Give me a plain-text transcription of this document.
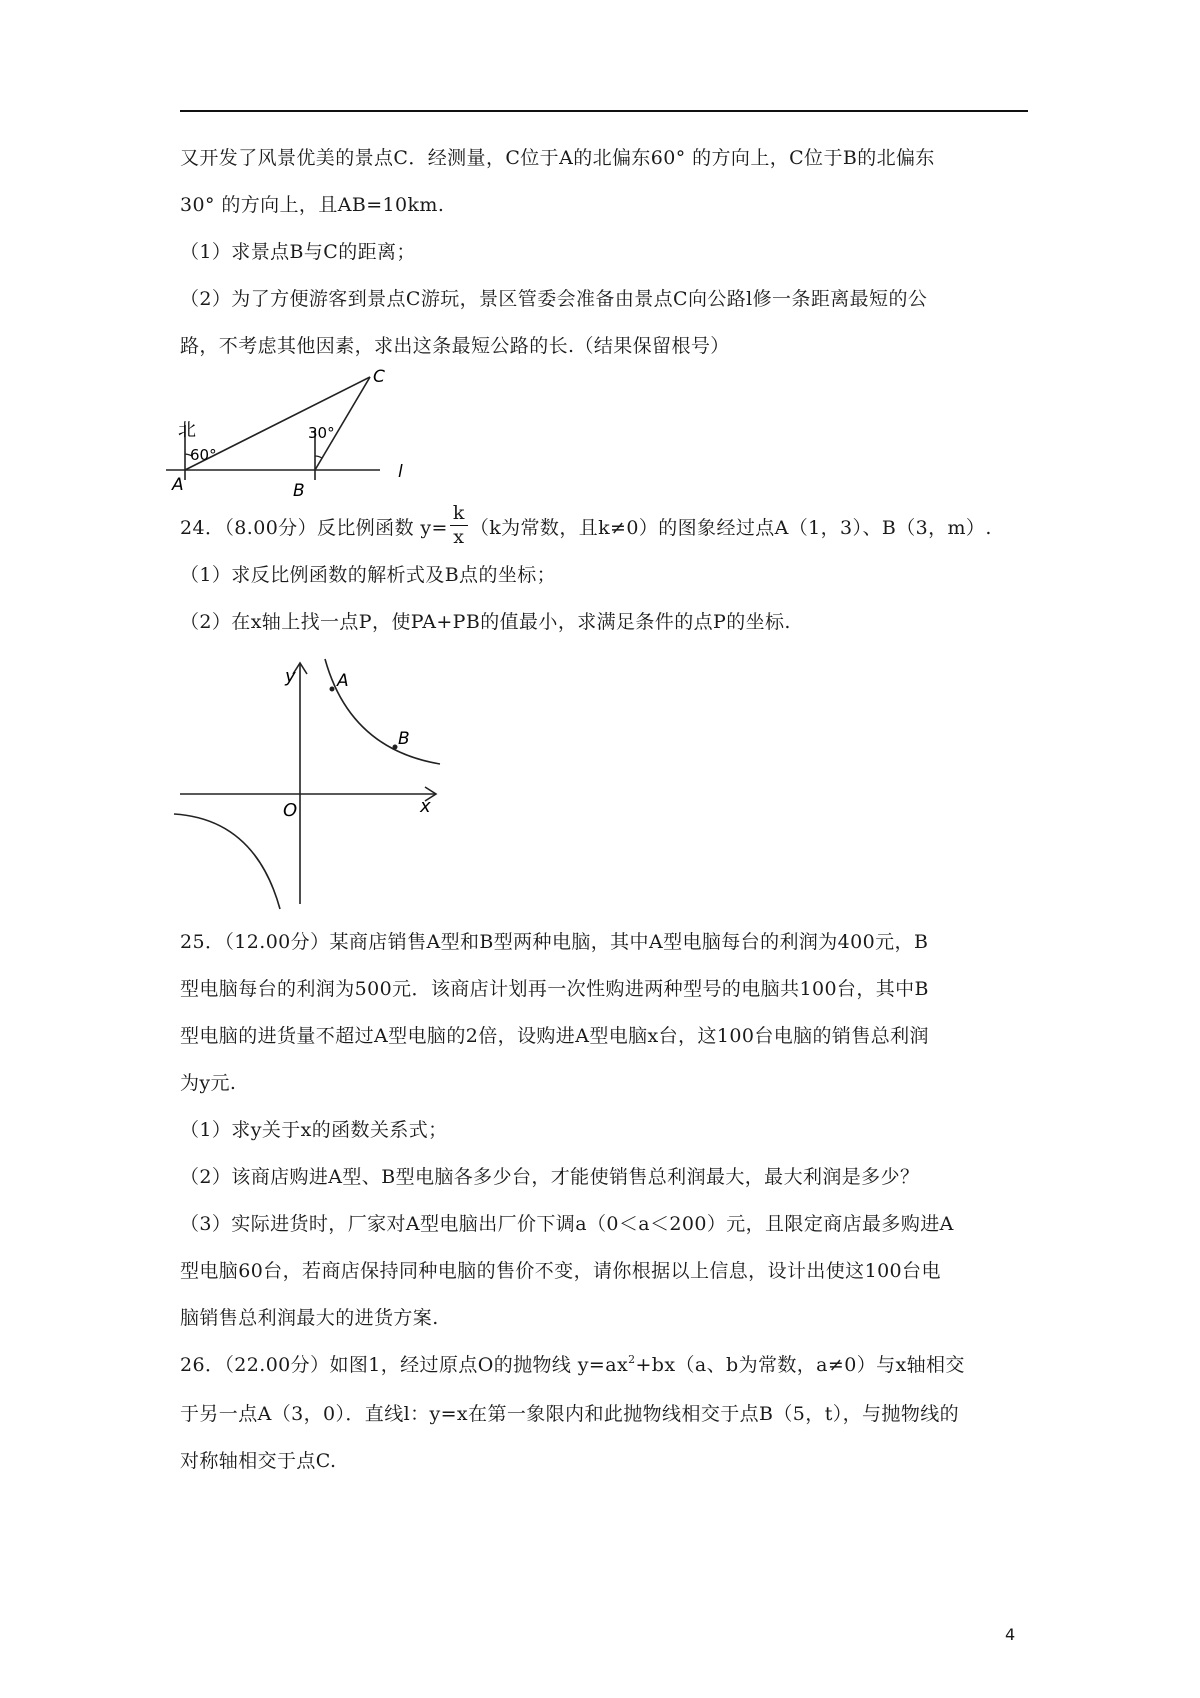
又开发了风景优美的景点C．经测量，C位于A的北偏东60° 的方向上，C位于B的北偏东

30° 的方向上，且AB=10km.

（1）求景点B与C的距离；

（2）为了方便游客到景点C游玩，景区管委会准备由景点C向公路l修一条距离最短的公

路，不考虑其他因素，求出这条最短公路的长.（结果保留根号）

北
60°
30°
A	B
C
l

24．（8.00分）反比例函数 $y= \frac{k}{x} (k$为常数，且k≠0）的图象经过点A（1，3）、B（3，m）.

（1）求反比例函数的解析式及B点的坐标；

（2）在x轴上找一点P，使PA+PB的值最小，求满足条件的点P的坐标.

y
x
O
A
B

25．（12.00分）某商店销售A型和B型两种电脑，其中A型电脑每台的利润为400元，B

型电脑每台的利润为500元．该商店计划再一次性购进两种型号的电脑共100台，其中B

型电脑的进货量不超过A型电脑的2倍，设购进A型电脑x台，这100台电脑的销售总利润

为y元.

（1）求y关于x的函数关系式；

（2）该商店购进A型、B型电脑各多少台，才能使销售总利润最大，最大利润是多少？

（3）实际进货时，厂家对A型电脑出厂价下调a（0＜a＜200）元，且限定商店最多购进A

型电脑60台，若商店保持同种电脑的售价不变，请你根据以上信息，设计出使这100台电

脑销售总利润最大的进货方案.

26．（22.00分）如图1，经过原点O的抛物线 $y=ax^2+bx(a$、b为常数，a≠0）与x轴相交

于另一点A（3，0）．直线l：y=x在第一象限内和此抛物线相交于点B（5，t），与抛物线的

对称轴相交于点C.

4
